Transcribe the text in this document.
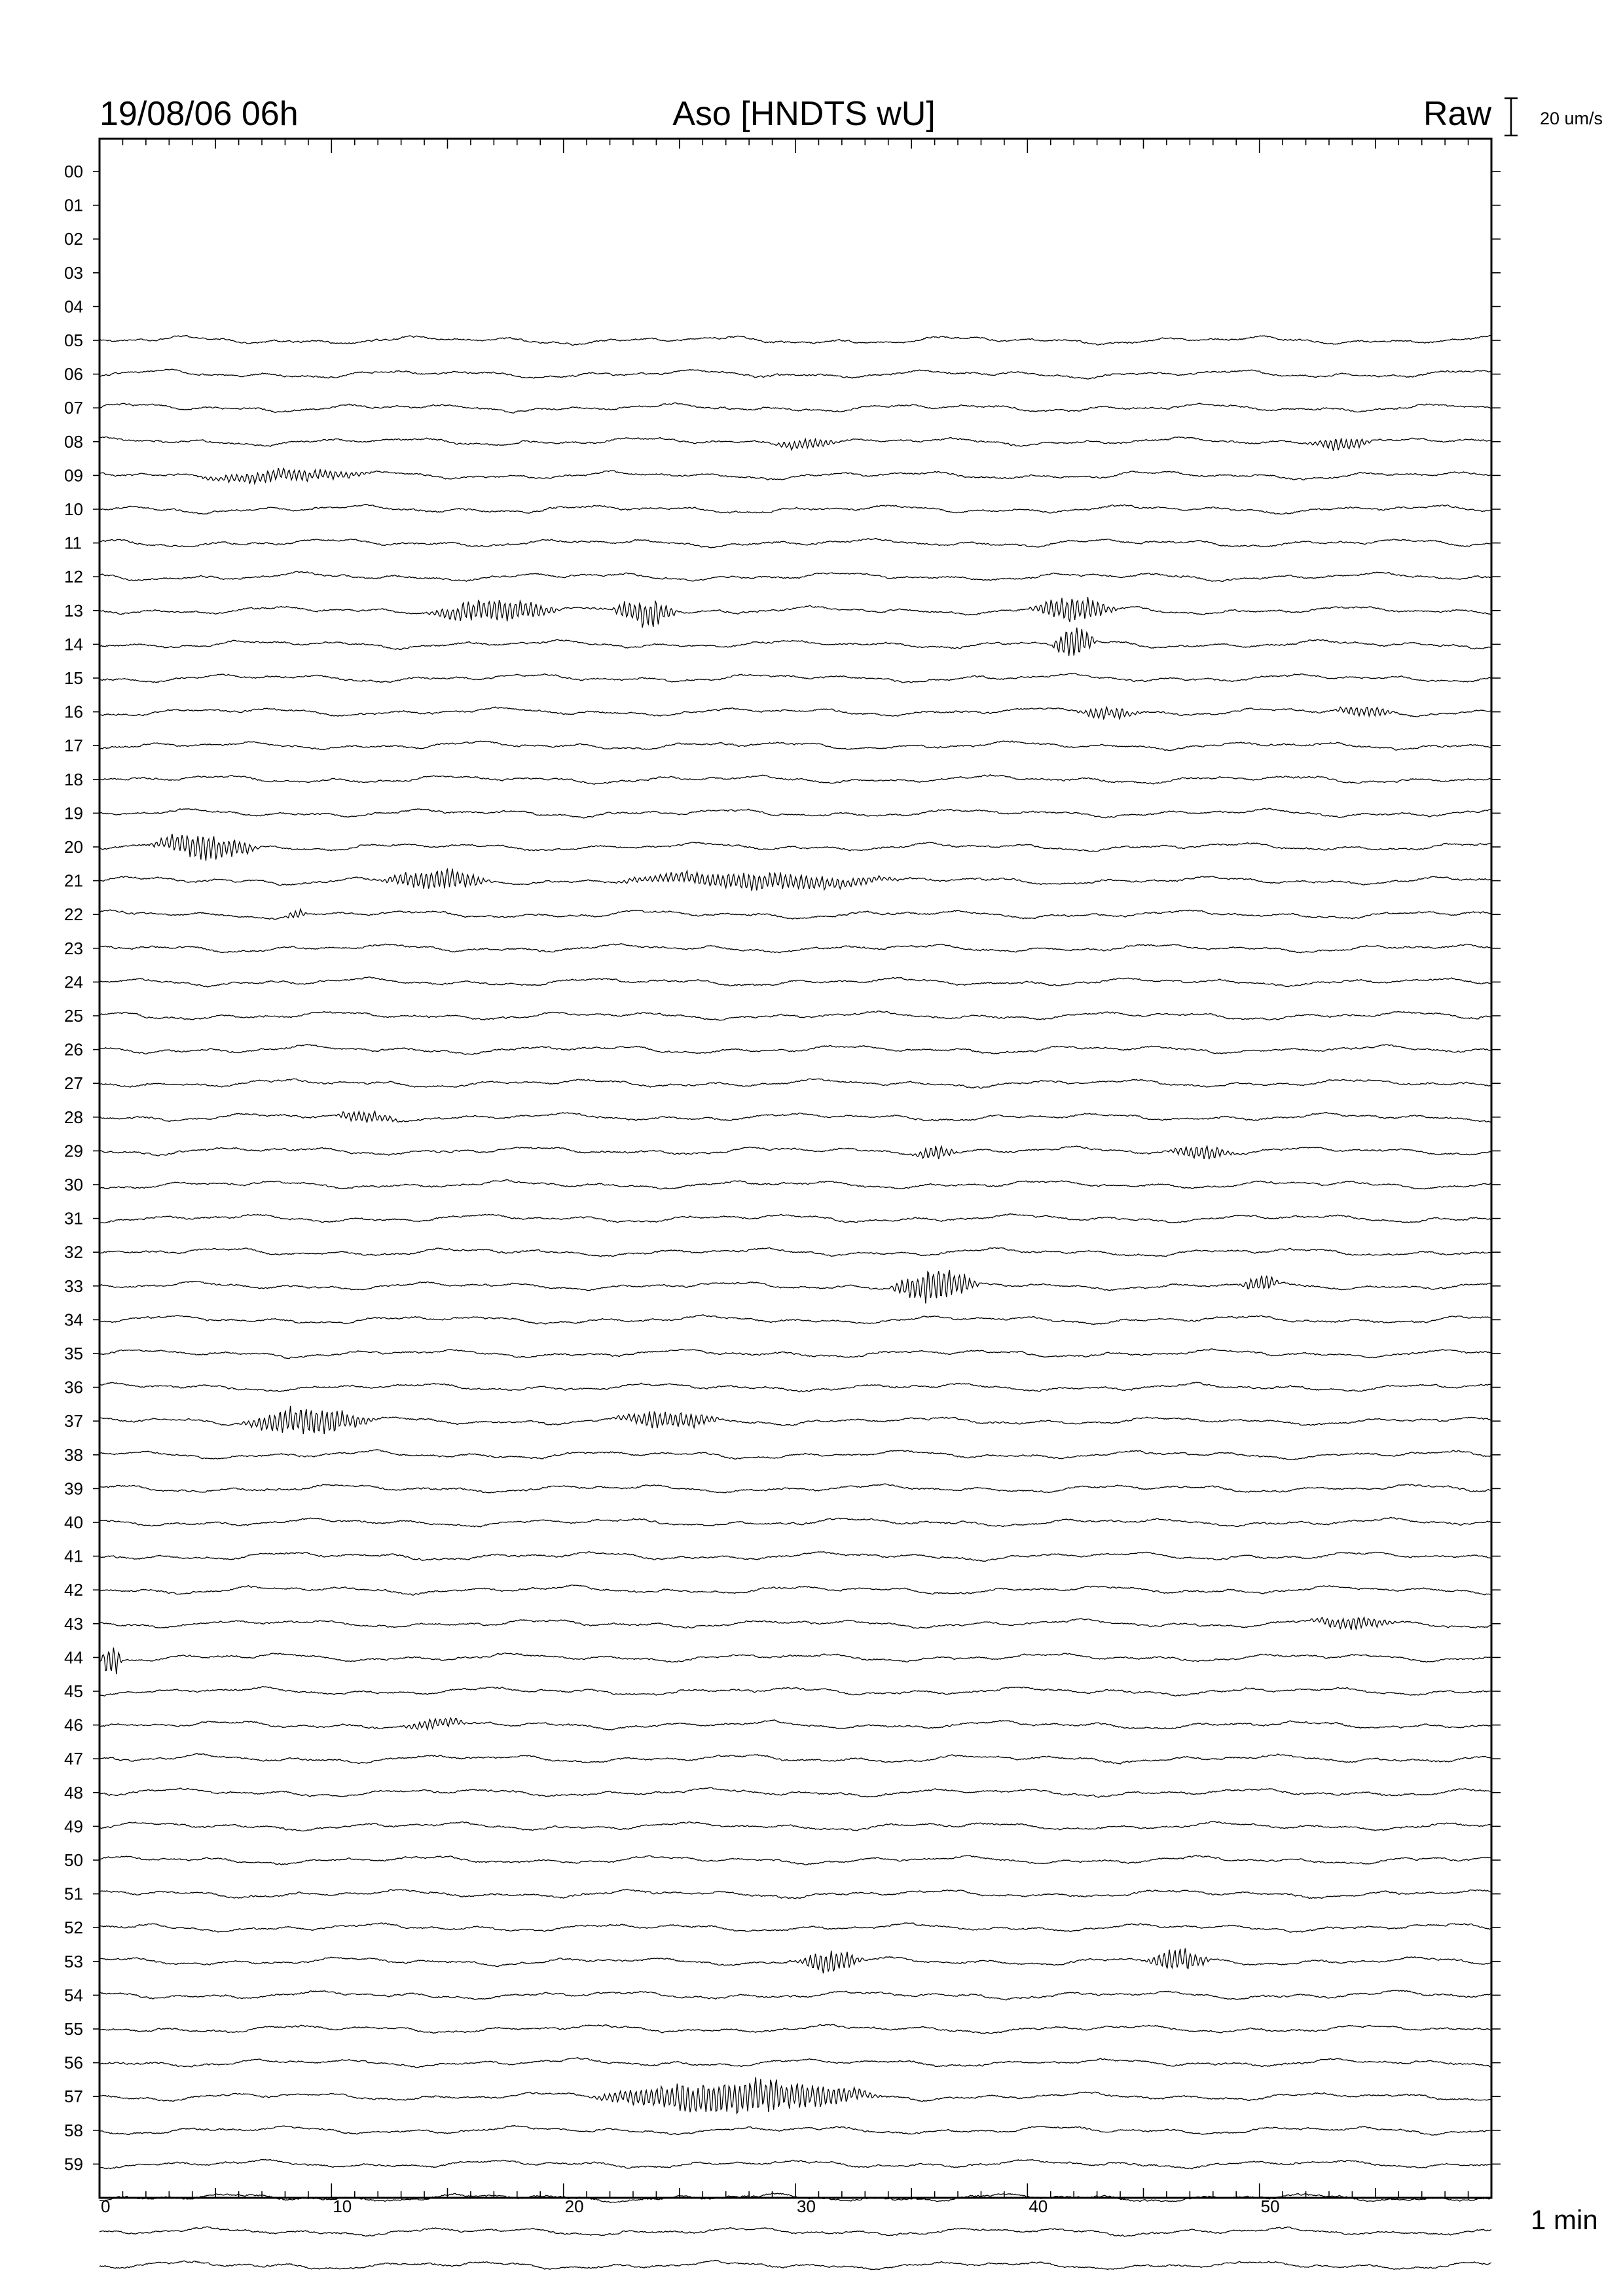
19/08/06 06h	Aso [HNDTS wU]	Raw	20 um/s
1 min
00
01
02
03
04
05
06
07
08
09
10
11
12
13
14
15
16
17
18
19
20
21
22
23
24
25
26
27
28
29
30
31
32
33
34
35
36
37
38
39
40
41
42
43
44
45
46
47
48
49
50
51
52
53
54
55
56
57
58
59
0	10	20	30	40	50
